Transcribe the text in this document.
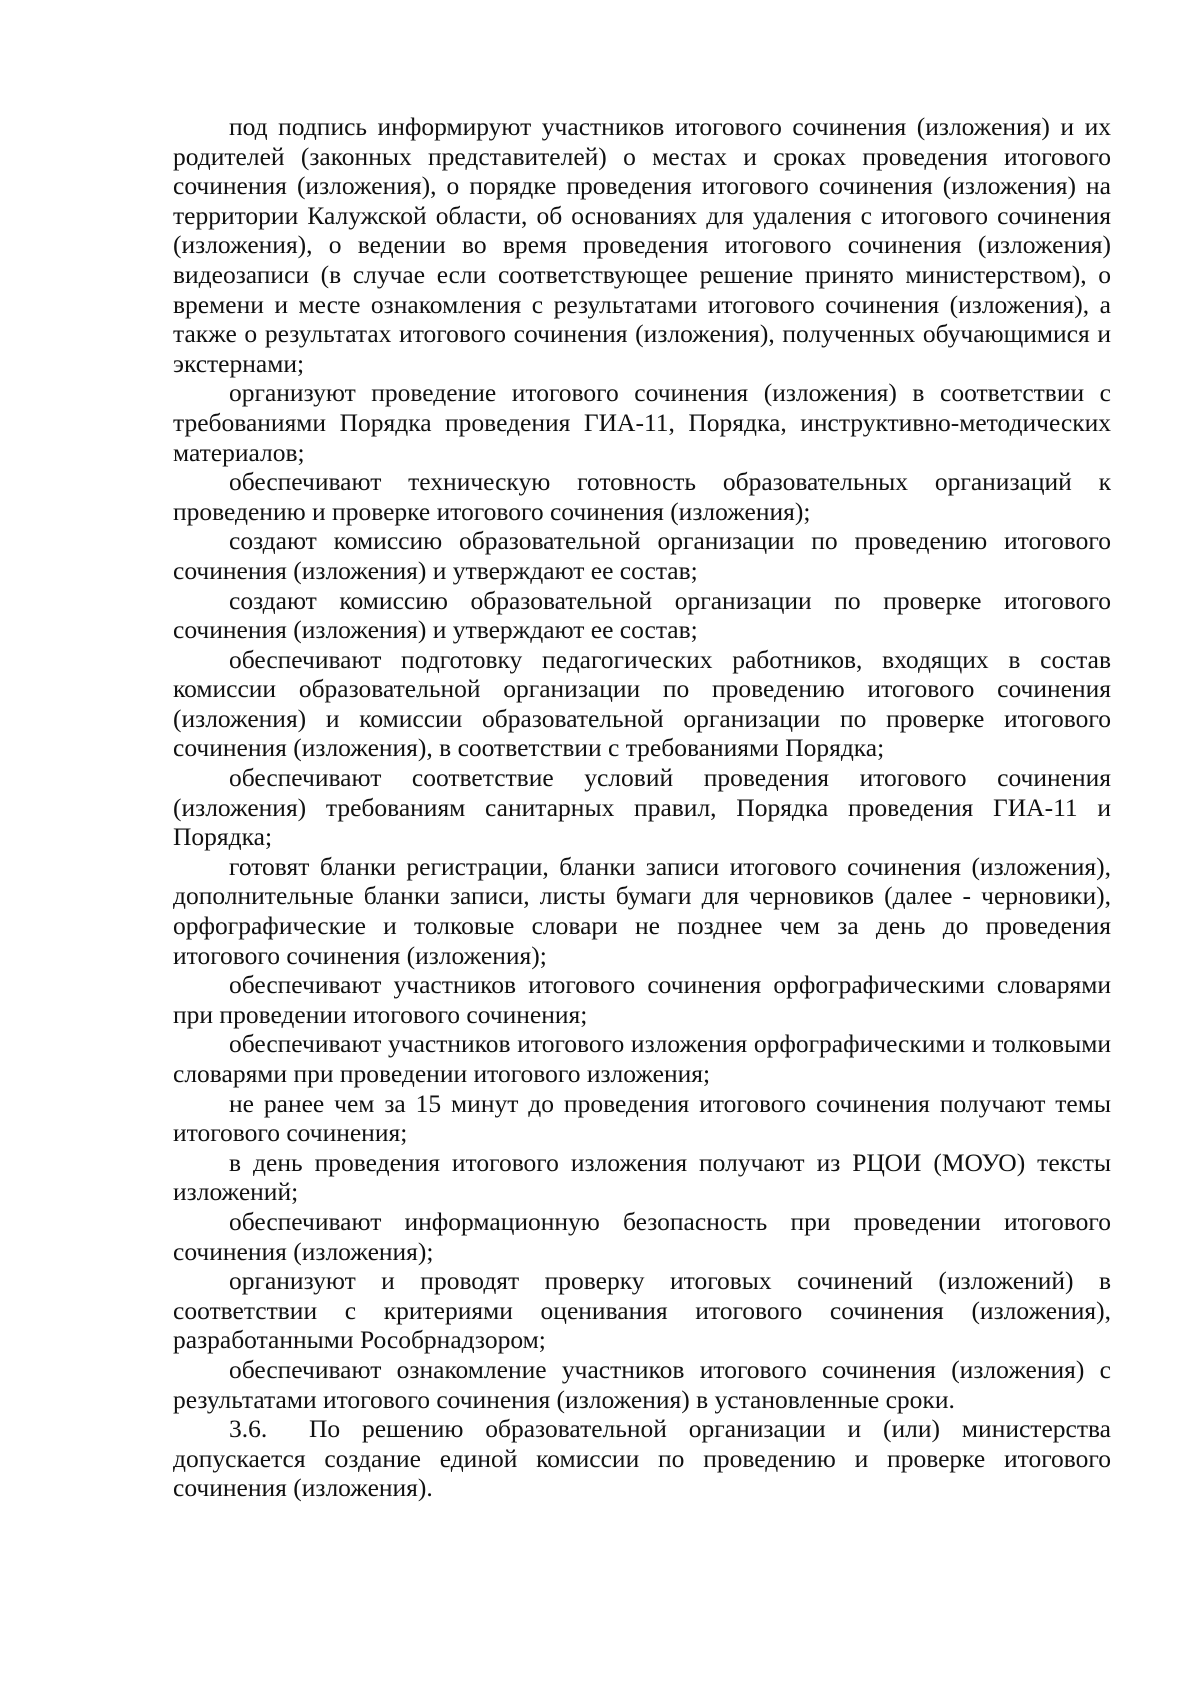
под подпись информируют участников итогового сочинения (изложения) и их родителей (законных представителей) о местах и сроках проведения итогового сочинения (изложения), о порядке проведения итогового сочинения (изложения) на территории Калужской области, об основаниях для удаления с итогового сочинения (изложения), о ведении во время проведения итогового сочинения (изложения) видеозаписи (в случае если соответствующее решение принято министерством), о времени и месте ознакомления с результатами итогового сочинения (изложения), а также о результатах итогового сочинения (изложения), полученных обучающимися и экстернами;

организуют проведение итогового сочинения (изложения) в соответствии с требованиями Порядка проведения ГИА-11, Порядка, инструктивно-методических материалов;

обеспечивают техническую готовность образовательных организаций к проведению и проверке итогового сочинения (изложения);

создают комиссию образовательной организации по проведению итогового сочинения (изложения) и утверждают ее состав;

создают комиссию образовательной организации по проверке итогового сочинения (изложения) и утверждают ее состав;

обеспечивают подготовку педагогических работников, входящих в состав комиссии образовательной организации по проведению итогового сочинения (изложения) и комиссии образовательной организации по проверке итогового сочинения (изложения), в соответствии с требованиями Порядка;

обеспечивают соответствие условий проведения итогового сочинения (изложения) требованиям санитарных правил, Порядка проведения ГИА-11 и Порядка;

готовят бланки регистрации, бланки записи итогового сочинения (изложения), дополнительные бланки записи, листы бумаги для черновиков (далее - черновики), орфографические и толковые словари не позднее чем за день до проведения итогового сочинения (изложения);

обеспечивают участников итогового сочинения орфографическими словарями при проведении итогового сочинения;

обеспечивают участников итогового изложения орфографическими и толковыми словарями при проведении итогового изложения;

не ранее чем за 15 минут до проведения итогового сочинения получают темы итогового сочинения;

в день проведения итогового изложения получают из РЦОИ (МОУО) тексты изложений;

обеспечивают информационную безопасность при проведении итогового сочинения (изложения);

организуют и проводят проверку итоговых сочинений (изложений) в соответствии с критериями оценивания итогового сочинения (изложения), разработанными Рособрнадзором;

обеспечивают ознакомление участников итогового сочинения (изложения) с результатами итогового сочинения (изложения) в установленные сроки.

3.6. По решению образовательной организации и (или) министерства допускается создание единой комиссии по проведению и проверке итогового сочинения (изложения).
